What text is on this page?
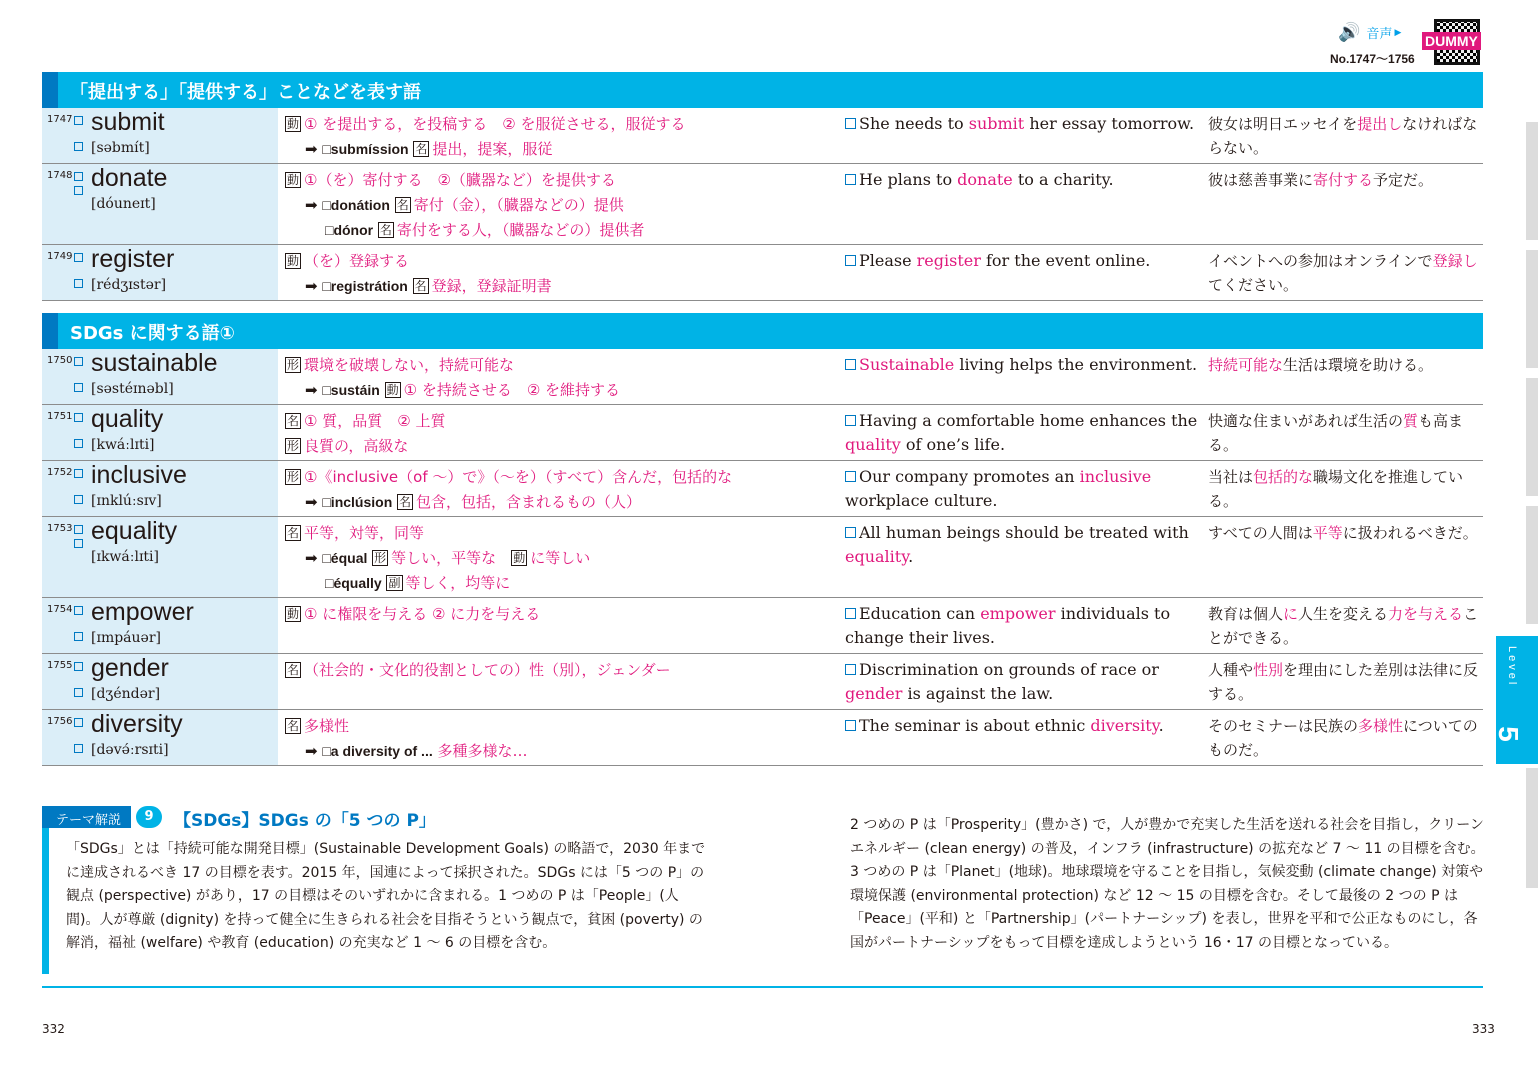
🔊 音声 ▶
DUMMY
No.1747～1756
「提出する」「提供する」ことなどを表す語
SDGs に関する語①
1747 submit
[səbmít]
動 ① を提出する，を投稿する　② を服従させる，服従する
➡ □submíssion 名 提出，提案，服従
She needs to submit her essay tomorrow. 彼女は明日エッセイを提出しなければならない。
1748 donate
[dóuneɪt]
動 ①（を）寄付する　②（臓器など）を提供する
➡ □donátion 名 寄付（金），（臓器などの）提供
□dónor 名 寄付をする人，（臓器などの）提供者
He plans to donate to a charity.	彼は慈善事業に寄付する予定だ。
1749 register
[rédʒɪstər]
動 （を）登録する
➡ □registrátion 名 登録，登録証明書
Please register for the event online.	イベントへの参加はオンラインで登録してください。
1750 sustainable
[səstéɪnəbl]
形 環境を破壊しない，持続可能な
➡ □sustáin 動 ① を持続させる　② を維持する
Sustainable living helps the environment. 持続可能な生活は環境を助ける。
1751 quality
[kwáːlɪti]
名 ① 質，品質　② 上質
形 良質の，高級な
Having a comfortable home enhances the quality of one’s life.
快適な住まいがあれば生活の質も高まる。
1752 inclusive
[ɪnklúːsɪv]
形 ①《inclusive（of ～）で》（～を）（すべて）含んだ，包括的な
➡ □inclúsion 名 包含，包括，含まれるもの（人）
Our company promotes an inclusive workplace culture.
当社は包括的な職場文化を推進している。
1753 equality
[ɪkwáːlɪti]
名 平等，対等，同等
➡ □équal 形 等しい，平等な　動 に等しい
□équally 副 等しく，均等に
All human beings should be treated with equality.
すべての人間は平等に扱われるべきだ。
1754 empower
[ɪmpáuər]
動 ① に権限を与える ② に力を与える	Education can empower individuals to change their lives.
教育は個人に人生を変える力を与えることができる。
1755 gender
[dʒéndər]
名 （社会的・文化的役割としての）性（別），ジェンダー	Discrimination on grounds of race or gender is against the law.
人種や性別を理由にした差別は法律に反する。
1756 diversity
[dəvə́ːrsɪti]
名 多様性
➡ □a diversity of ... 多種多様な…
The seminar is about ethnic diversity.	そのセミナーは民族の多様性についてのものだ。
Level
5
テーマ解説	9	【SDGs】SDGs の「5 つの P」
「SDGs」とは「持続可能な開発目標」(Sustainable Development Goals) の略語で，2030 年までに達成されるべき 17 の目標を表す。2015 年，国連によって採択された。SDGs には「5 つの P」の観点 (perspective) があり，17 の目標はそのいずれかに含まれる。1 つめの P は「People」(人間)。人が尊厳 (dignity) を持って健全に生きられる社会を目指そうという観点で，貧困 (poverty) の解消，福祉 (welfare) や教育 (education) の充実など 1 ～ 6 の目標を含む。
2 つめの P は「Prosperity」(豊かさ) で，人が豊かで充実した生活を送れる社会を目指し，クリーンエネルギー (clean energy) の普及，インフラ (infrastructure) の拡充など 7 ～ 11 の目標を含む。3 つめの P は「Planet」(地球)。地球環境を守ることを目指し，気候変動 (climate change) 対策や環境保護 (environmental protection) など 12 ～ 15 の目標を含む。そして最後の 2 つの P は「Peace」(平和) と「Partnership」(パートナーシップ) を表し，世界を平和で公正なものにし，各国がパートナーシップをもって目標を達成しようという 16・17 の目標となっている。
332	333
